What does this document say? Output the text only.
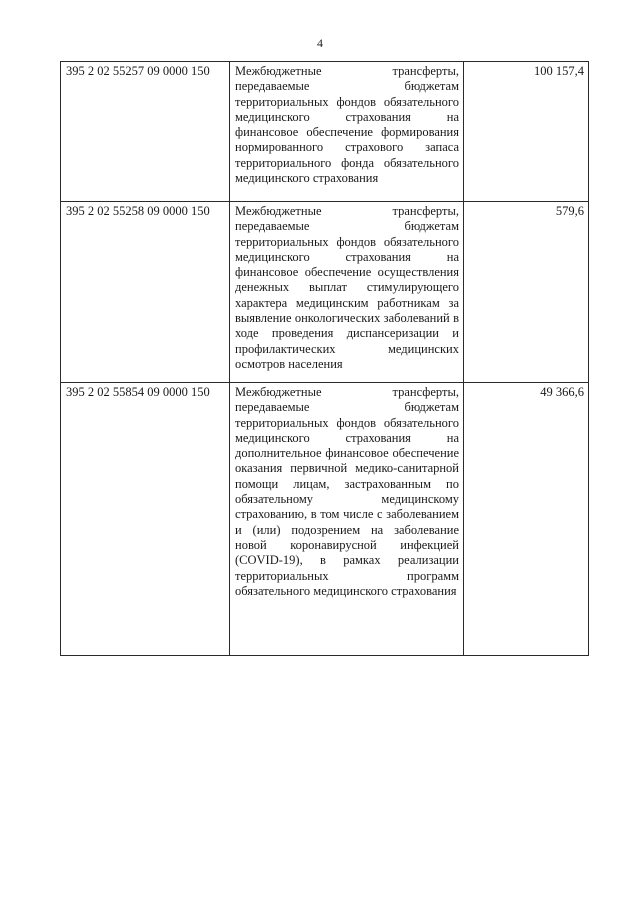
4
395 2 02 55257 09 0000 150	Межбюджетные трансферты, передаваемые бюджетам территориальных фондов обязательного медицинского страхования на финансовое обеспечение формирования нормированного страхового запаса территориального фонда обязательного медицинского страхования	100 157,4
395 2 02 55258 09 0000 150	Межбюджетные трансферты, передаваемые бюджетам территориальных фондов обязательного медицинского страхования на финансовое обеспечение осуществления денежных выплат стимулирующего характера медицинским работникам за выявление онкологических заболеваний в ходе проведения диспансеризации и профилактических медицинских осмотров населения	579,6
395 2 02 55854 09 0000 150	Межбюджетные трансферты, передаваемые бюджетам территориальных фондов обязательного медицинского страхования на дополнительное финансовое обеспечение оказания первичной медико-санитарной помощи лицам, застрахованным по обязательному медицинскому страхованию, в том числе с заболеванием и (или) подозрением на заболевание новой коронавирусной инфекцией (COVID-19), в рамках реализации территориальных программ обязательного медицинского страхования	49 366,6
